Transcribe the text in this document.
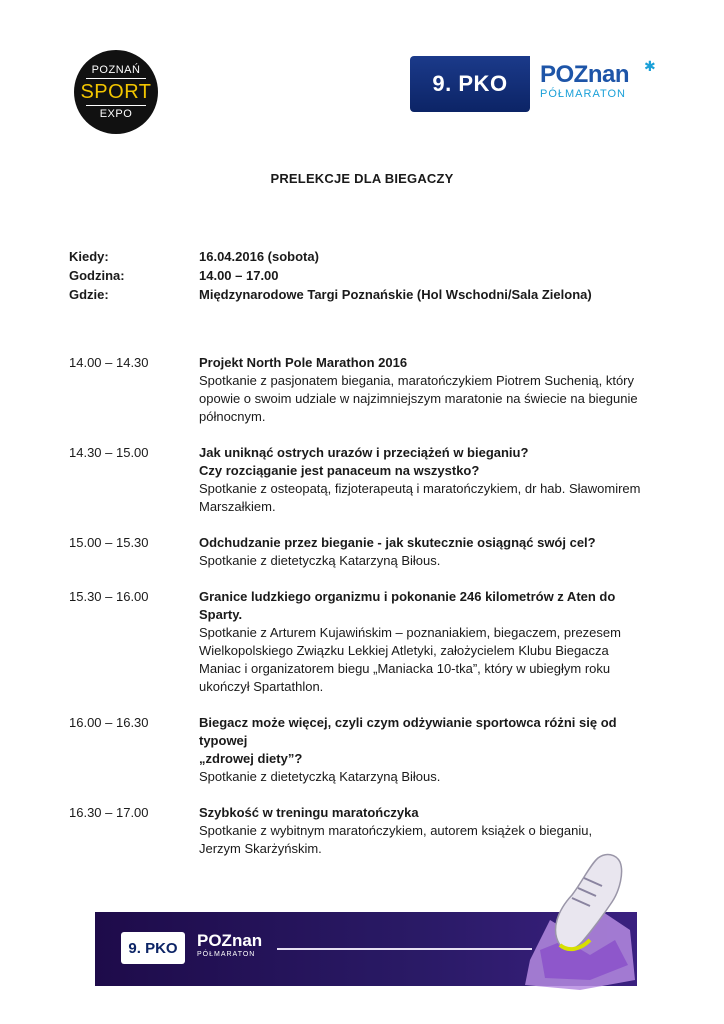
POZNAŃ
SPORT
EXPO
9. PKO	POZnan
PÓŁMARATON
✱
PRELEKCJE DLA BIEGACZY
Kiedy:	16.04.2016 (sobota)
Godzina:	14.00 – 17.00
Gdzie:	Międzynarodowe Targi Poznańskie (Hol Wschodni/Sala Zielona)
14.00 – 14.30	Projekt North Pole Marathon 2016
Spotkanie z pasjonatem biegania, maratończykiem Piotrem Suchenią, który
opowie o swoim udziale w najzimniejszym maratonie na świecie na biegunie
północnym.
14.30 – 15.00	Jak uniknąć ostrych urazów i przeciążeń w bieganiu?
Czy rozciąganie jest panaceum na wszystko?
Spotkanie z osteopatą, fizjoterapeutą i maratończykiem, dr hab. Sławomirem
Marszałkiem.
15.00 – 15.30	Odchudzanie przez bieganie - jak skutecznie osiągnąć swój cel?
Spotkanie z dietetyczką Katarzyną Biłous.
15.30 – 16.00	Granice ludzkiego organizmu i pokonanie 246 kilometrów z Aten do Sparty.
Spotkanie z Arturem Kujawińskim – poznaniakiem, biegaczem, prezesem
Wielkopolskiego Związku Lekkiej Atletyki, założycielem Klubu Biegacza
Maniac i organizatorem biegu „Maniacka 10-tka”, który w ubiegłym roku
ukończył Spartathlon.
16.00 – 16.30	Biegacz może więcej, czyli czym odżywianie sportowca różni się od typowej
„zdrowej diety”?
Spotkanie z dietetyczką Katarzyną Biłous.
16.30 – 17.00	Szybkość w treningu maratończyka
Spotkanie z wybitnym maratończykiem, autorem książek o bieganiu,
Jerzym Skarżyńskim.
9. PKO	POZnan
PÓŁMARATON
